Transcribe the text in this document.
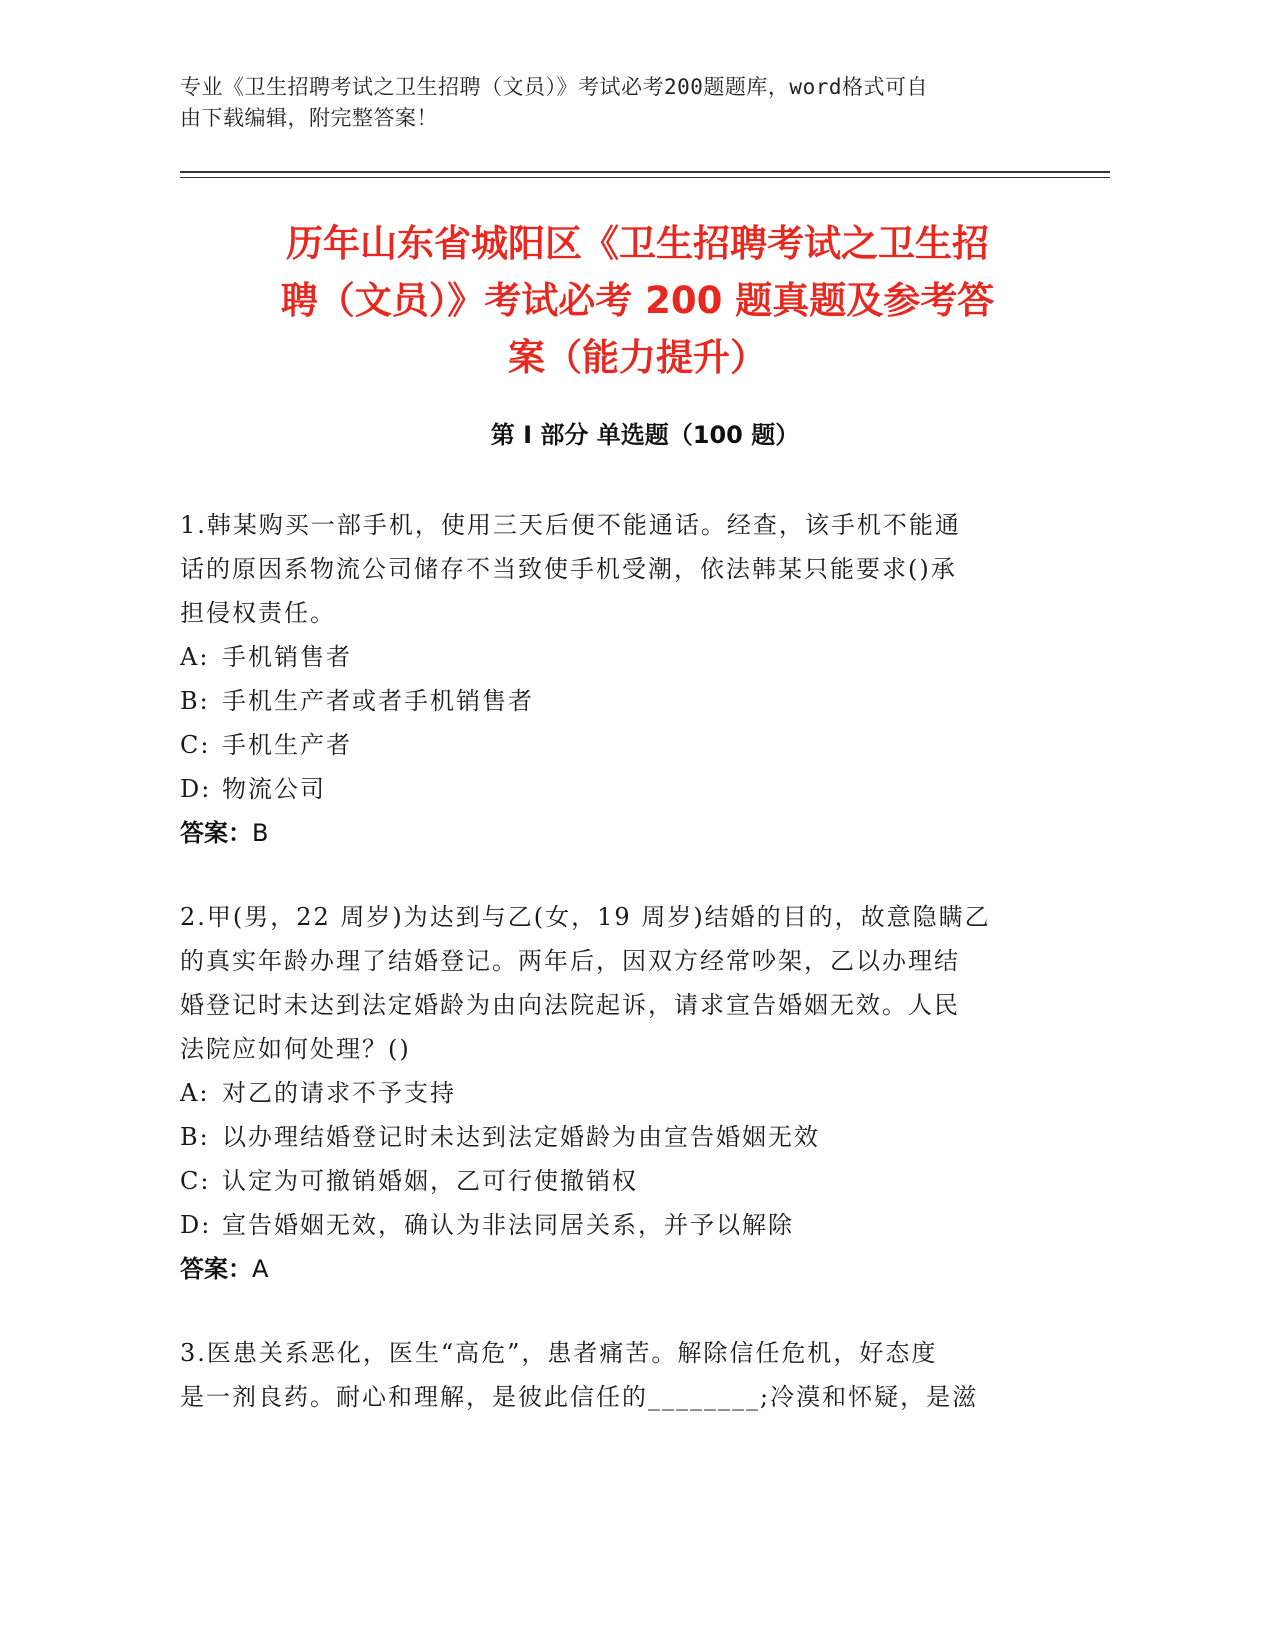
专业《卫生招聘考试之卫生招聘（文员）》考试必考200题题库，word格式可自
由下载编辑，附完整答案！
历年山东省城阳区《卫生招聘考试之卫生招
聘（文员）》考试必考 200 题真题及参考答
案（能力提升）
第 I 部分 单选题（100 题）

1.韩某购买一部手机，使用三天后便不能通话。经查，该手机不能通

话的原因系物流公司储存不当致使手机受潮，依法韩某只能要求()承

担侵权责任。

A: 手机销售者

B: 手机生产者或者手机销售者

C: 手机生产者

D: 物流公司

答案：B

2.甲(男，22 周岁)为达到与乙(女，19 周岁)结婚的目的，故意隐瞒乙

的真实年龄办理了结婚登记。两年后，因双方经常吵架，乙以办理结

婚登记时未达到法定婚龄为由向法院起诉，请求宣告婚姻无效。人民

法院应如何处理？()

A: 对乙的请求不予支持

B: 以办理结婚登记时未达到法定婚龄为由宣告婚姻无效

C: 认定为可撤销婚姻，乙可行使撤销权

D: 宣告婚姻无效，确认为非法同居关系，并予以解除

答案：A

3.医患关系恶化，医生“高危”，患者痛苦。解除信任危机，好态度

是一剂良药。耐心和理解，是彼此信任的________;冷漠和怀疑，是滋
